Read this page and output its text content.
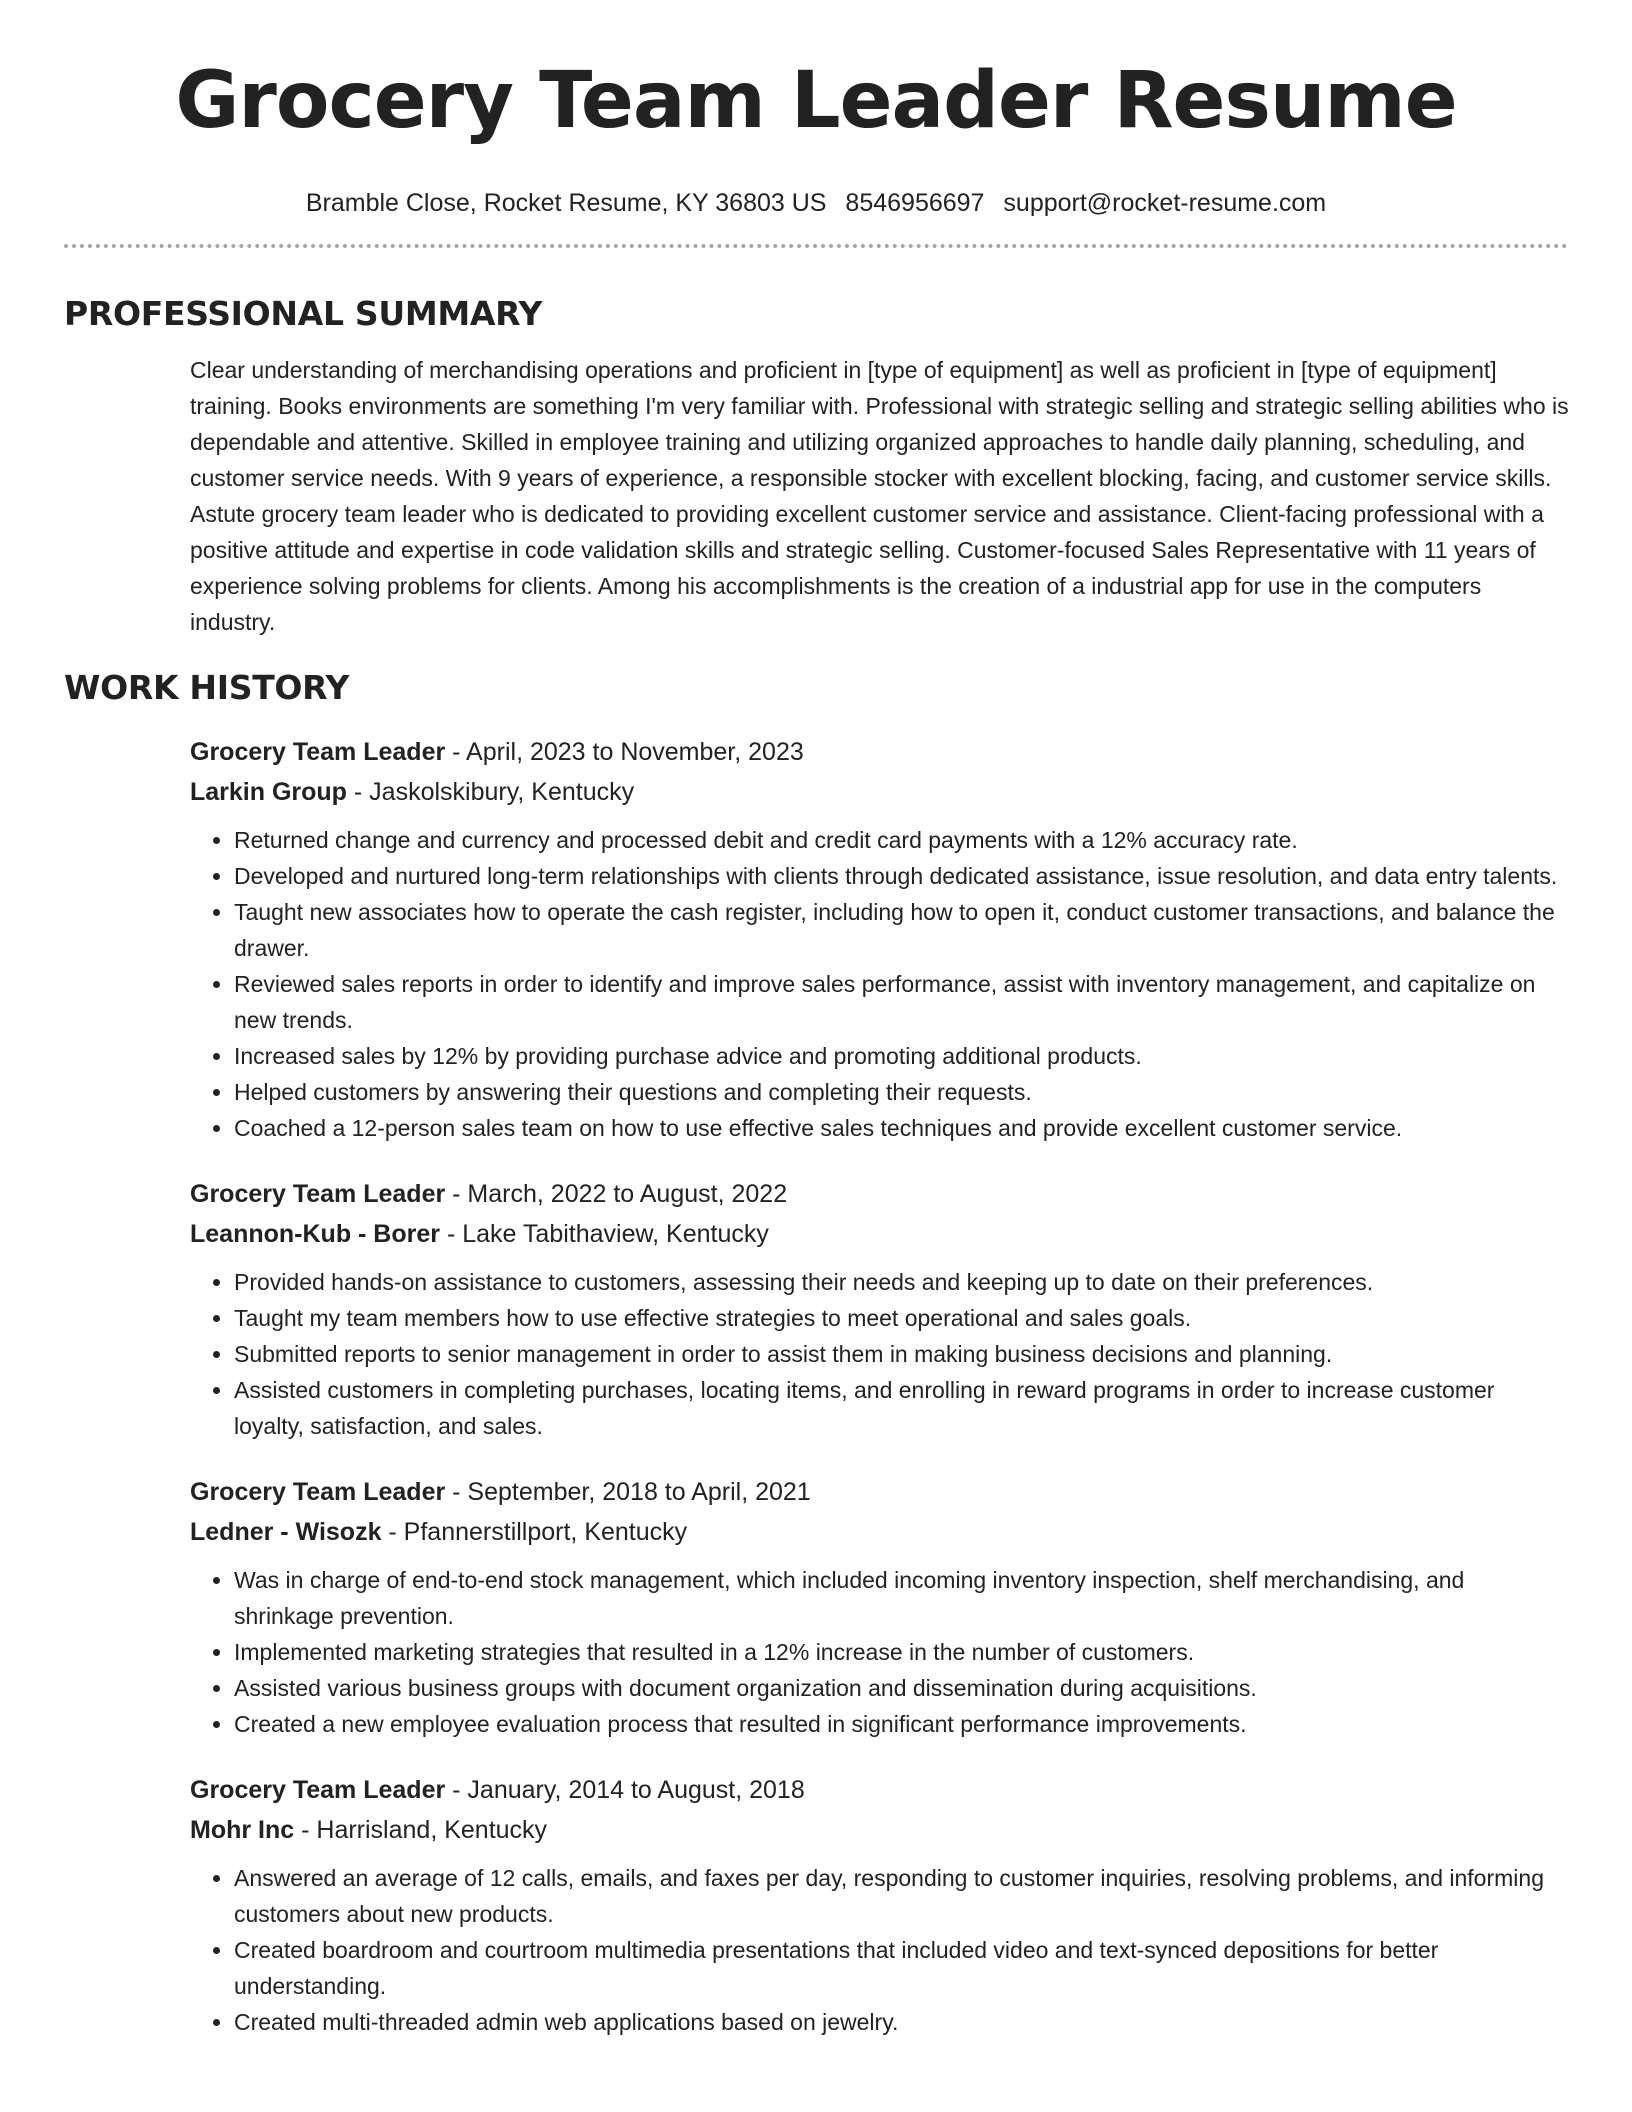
Grocery Team Leader Resume
Bramble Close, Rocket Resume, KY 36803 US 8546956697 support@rocket-resume.com
PROFESSIONAL SUMMARY
Clear understanding of merchandising operations and proficient in [type of equipment] as well as proficient in [type of equipment] training. Books environments are something I'm very familiar with. Professional with strategic selling and strategic selling abilities who is dependable and attentive. Skilled in employee training and utilizing organized approaches to handle daily planning, scheduling, and customer service needs. With 9 years of experience, a responsible stocker with excellent blocking, facing, and customer service skills. Astute grocery team leader who is dedicated to providing excellent customer service and assistance. Client-facing professional with a positive attitude and expertise in code validation skills and strategic selling. Customer-focused Sales Representative with 11 years of experience solving problems for clients. Among his accomplishments is the creation of a industrial app for use in the computers industry.
WORK HISTORY
Grocery Team Leader - April, 2023 to November, 2023
Larkin Group - Jaskolskibury, Kentucky
• Returned change and currency and processed debit and credit card payments with a 12% accuracy rate.
• Developed and nurtured long-term relationships with clients through dedicated assistance, issue resolution, and data entry talents.
• Taught new associates how to operate the cash register, including how to open it, conduct customer transactions, and balance the drawer.
• Reviewed sales reports in order to identify and improve sales performance, assist with inventory management, and capitalize on new trends.
• Increased sales by 12% by providing purchase advice and promoting additional products.
• Helped customers by answering their questions and completing their requests.
• Coached a 12-person sales team on how to use effective sales techniques and provide excellent customer service.
Grocery Team Leader - March, 2022 to August, 2022
Leannon-Kub - Borer - Lake Tabithaview, Kentucky
• Provided hands-on assistance to customers, assessing their needs and keeping up to date on their preferences.
• Taught my team members how to use effective strategies to meet operational and sales goals.
• Submitted reports to senior management in order to assist them in making business decisions and planning.
• Assisted customers in completing purchases, locating items, and enrolling in reward programs in order to increase customer loyalty, satisfaction, and sales.
Grocery Team Leader - September, 2018 to April, 2021
Ledner - Wisozk - Pfannerstillport, Kentucky
• Was in charge of end-to-end stock management, which included incoming inventory inspection, shelf merchandising, and shrinkage prevention.
• Implemented marketing strategies that resulted in a 12% increase in the number of customers.
• Assisted various business groups with document organization and dissemination during acquisitions.
• Created a new employee evaluation process that resulted in significant performance improvements.
Grocery Team Leader - January, 2014 to August, 2018
Mohr Inc - Harrisland, Kentucky
• Answered an average of 12 calls, emails, and faxes per day, responding to customer inquiries, resolving problems, and informing customers about new products.
• Created boardroom and courtroom multimedia presentations that included video and text-synced depositions for better understanding.
• Created multi-threaded admin web applications based on jewelry.
